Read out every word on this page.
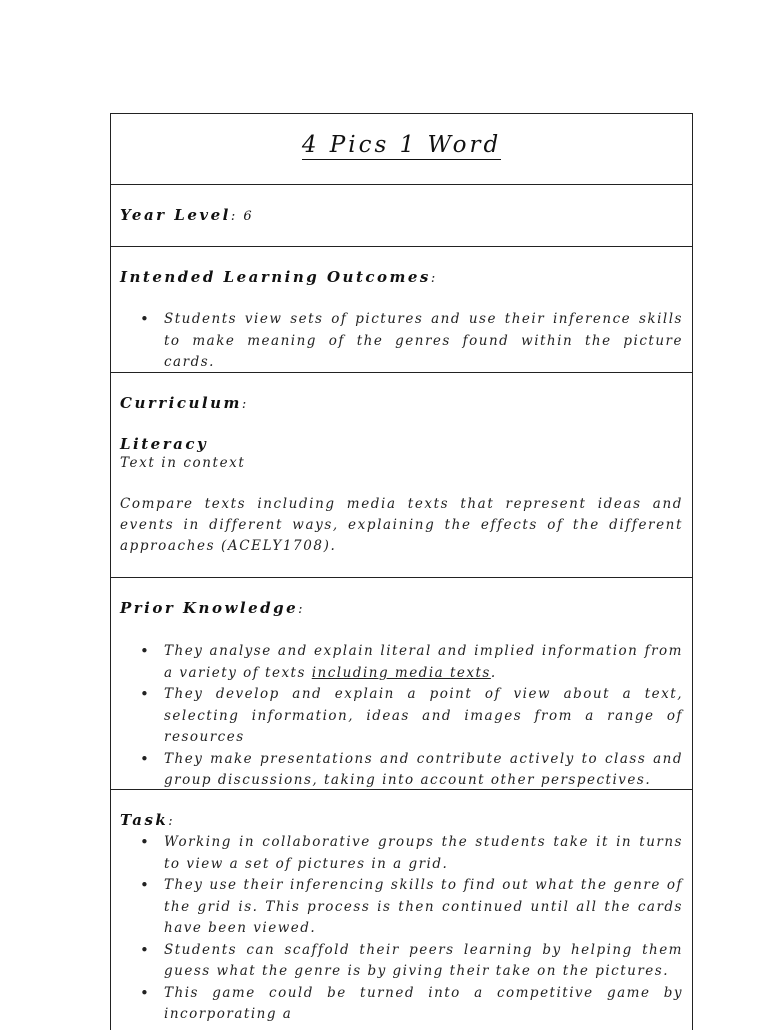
4 Pics 1 Word
Year Level: 6
Intended Learning Outcomes:
• Students view sets of pictures and use their inference skills to make meaning of the genres found within the picture cards.
Curriculum:
Literacy
Text in context
Compare texts including media texts that represent ideas and events in different ways, explaining the effects of the different approaches (ACELY1708).
Prior Knowledge:
• They analyse and explain literal and implied information from a variety of texts including media texts.
• They develop and explain a point of view about a text, selecting information, ideas and images from a range of resources
• They make presentations and contribute actively to class and group discussions, taking into account other perspectives.
Task:
• Working in collaborative groups the students take it in turns to view a set of pictures in a grid.
• They use their inferencing skills to find out what the genre of the grid is. This process is then continued until all the cards have been viewed.
• Students can scaffold their peers learning by helping them guess what the genre is by giving their take on the pictures.
• This game could be turned into a competitive game by incorporating a
